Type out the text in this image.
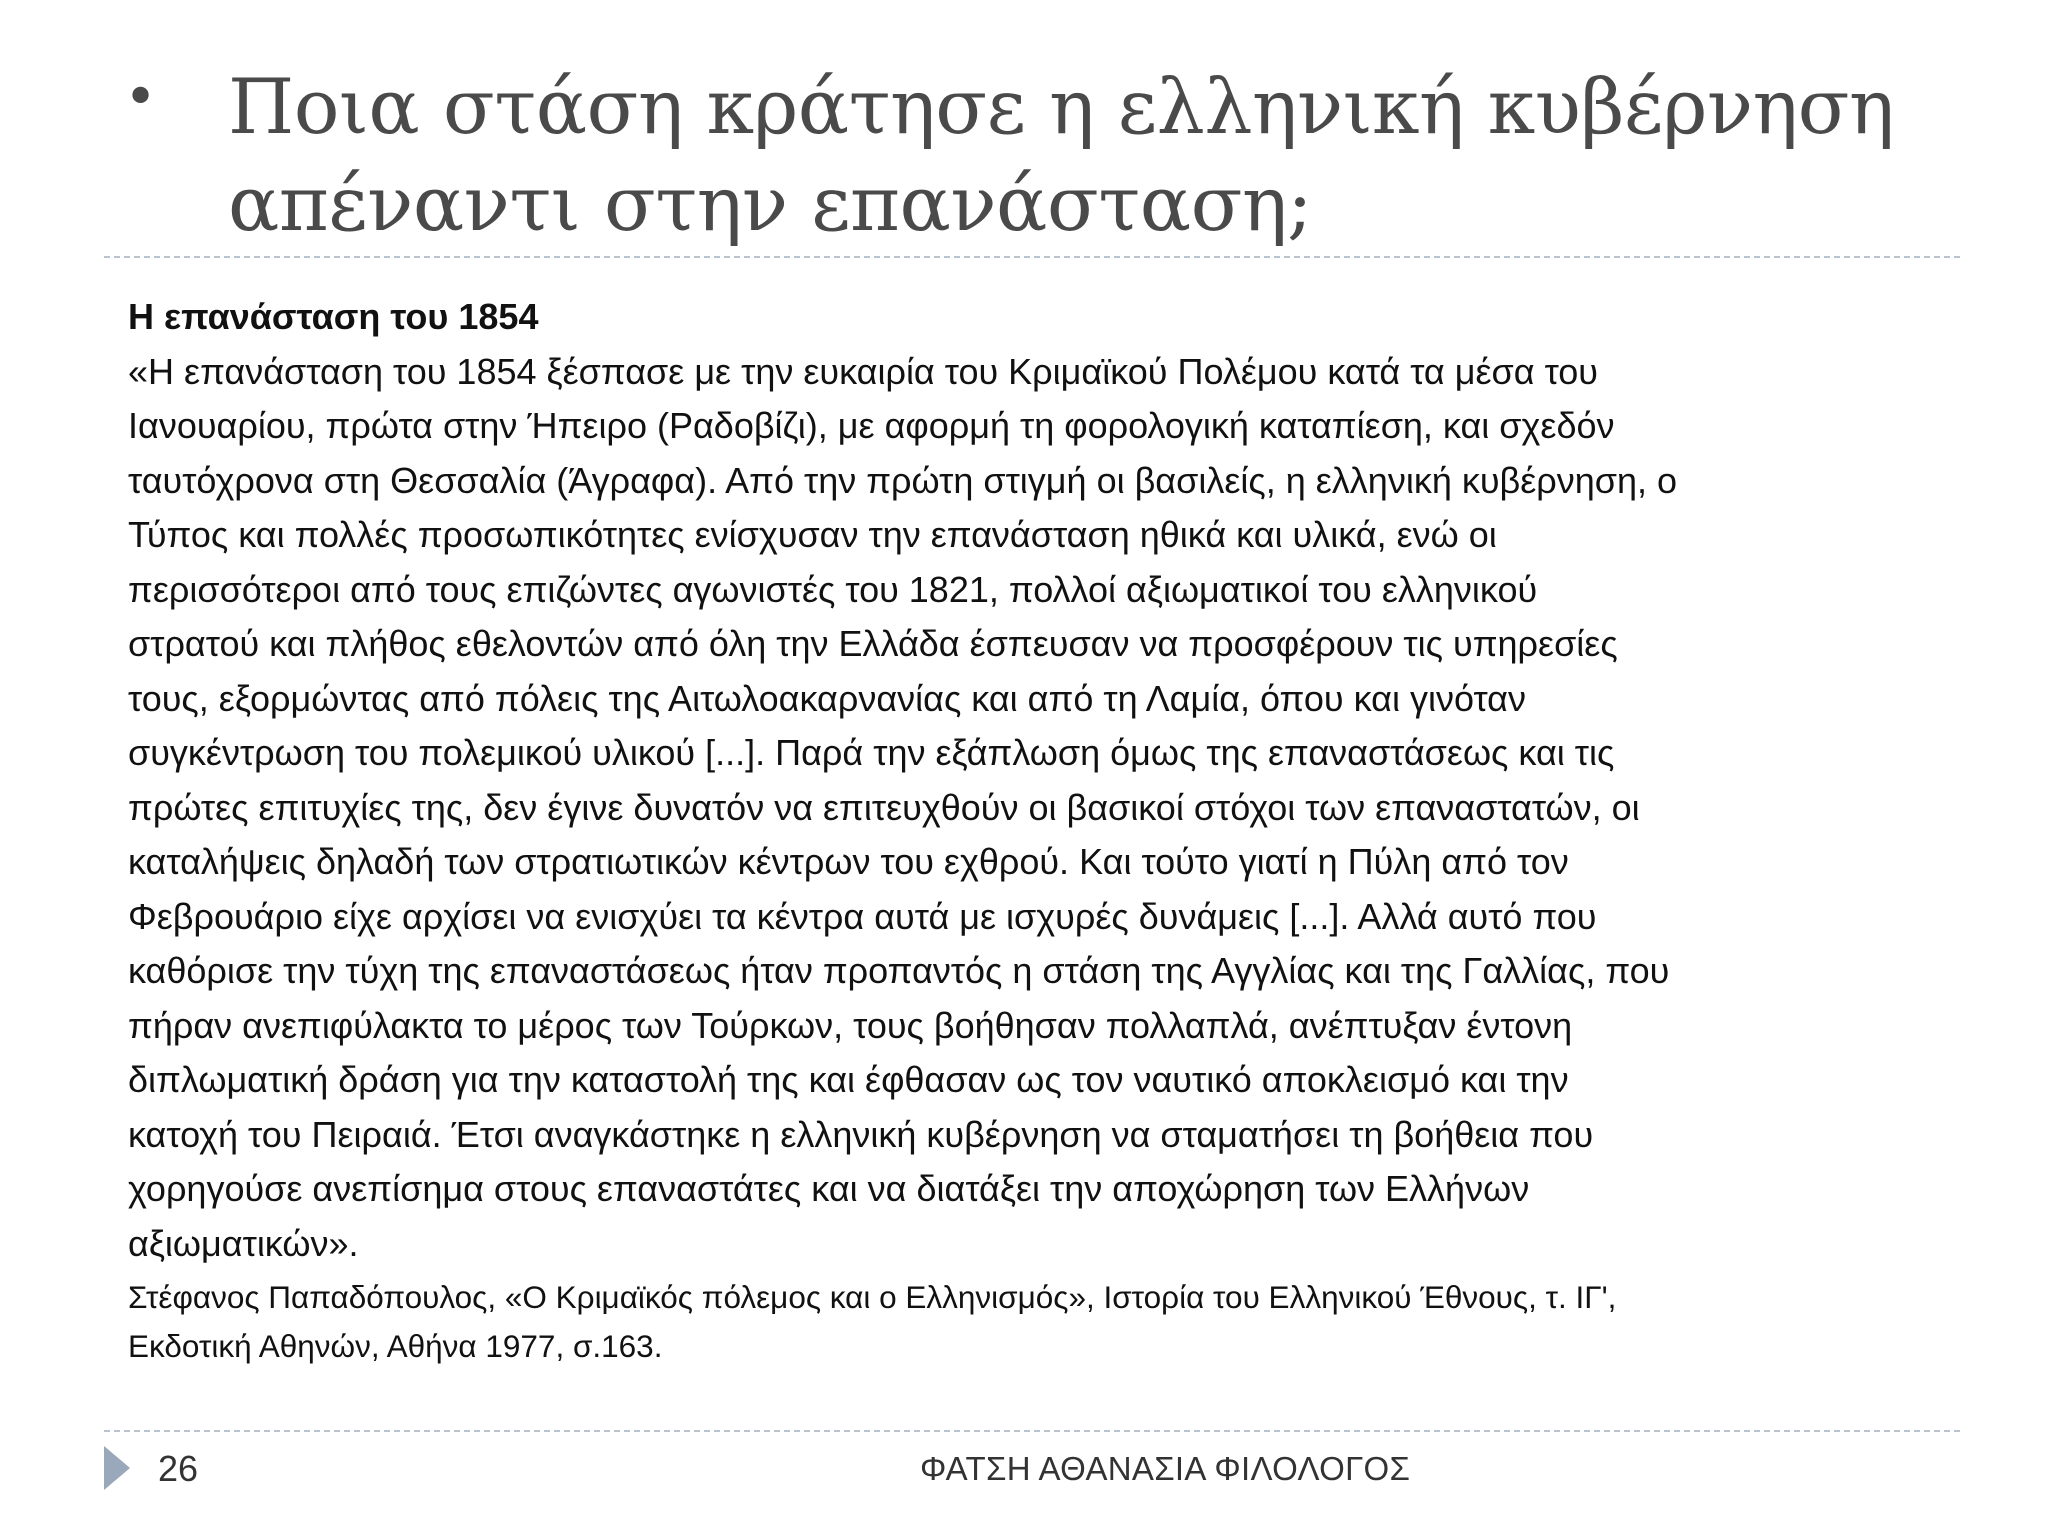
• Ποια στάση κράτησε η ελληνική κυβέρνηση
απέναντι στην επανάσταση;
Η επανάσταση του 1854
«Η επανάσταση του 1854 ξέσπασε με την ευκαιρία του Κριμαϊκού Πολέμου κατά τα μέσα του
Ιανουαρίου, πρώτα στην Ήπειρο (Ραδοβίζι), με αφορμή τη φορολογική καταπίεση, και σχεδόν
ταυτόχρονα στη Θεσσαλία (Άγραφα). Από την πρώτη στιγμή οι βασιλείς, η ελληνική κυβέρνηση, ο
Τύπος και πολλές προσωπικότητες ενίσχυσαν την επανάσταση ηθικά και υλικά, ενώ οι
περισσότεροι από τους επιζώντες αγωνιστές του 1821, πολλοί αξιωματικοί του ελληνικού
στρατού και πλήθος εθελοντών από όλη την Ελλάδα έσπευσαν να προσφέρουν τις υπηρεσίες
τους, εξορμώντας από πόλεις της Αιτωλοακαρνανίας και από τη Λαμία, όπου και γινόταν
συγκέντρωση του πολεμικού υλικού [...]. Παρά την εξάπλωση όμως της επαναστάσεως και τις
πρώτες επιτυχίες της, δεν έγινε δυνατόν να επιτευχθούν οι βασικοί στόχοι των επαναστατών, οι
καταλήψεις δηλαδή των στρατιωτικών κέντρων του εχθρού. Και τούτο γιατί η Πύλη από τον
Φεβρουάριο είχε αρχίσει να ενισχύει τα κέντρα αυτά με ισχυρές δυνάμεις [...]. Αλλά αυτό που
καθόρισε την τύχη της επαναστάσεως ήταν προπαντός η στάση της Αγγλίας και της Γαλλίας, που
πήραν ανεπιφύλακτα το μέρος των Τούρκων, τους βοήθησαν πολλαπλά, ανέπτυξαν έντονη
διπλωματική δράση για την καταστολή της και έφθασαν ως τον ναυτικό αποκλεισμό και την
κατοχή του Πειραιά. Έτσι αναγκάστηκε η ελληνική κυβέρνηση να σταματήσει τη βοήθεια που
χορηγούσε ανεπίσημα στους επαναστάτες και να διατάξει την αποχώρηση των Ελλήνων
αξιωματικών».
Στέφανος Παπαδόπουλος, «Ο Κριμαϊκός πόλεμος και ο Ελληνισμός», Ιστορία του Ελληνικού Έθνους, τ. ΙΓ',
Εκδοτική Αθηνών, Αθήνα 1977, σ.163.
26	ΦΑΤΣΗ ΑΘΑΝΑΣΙΑ ΦΙΛΟΛΟΓΟΣ
